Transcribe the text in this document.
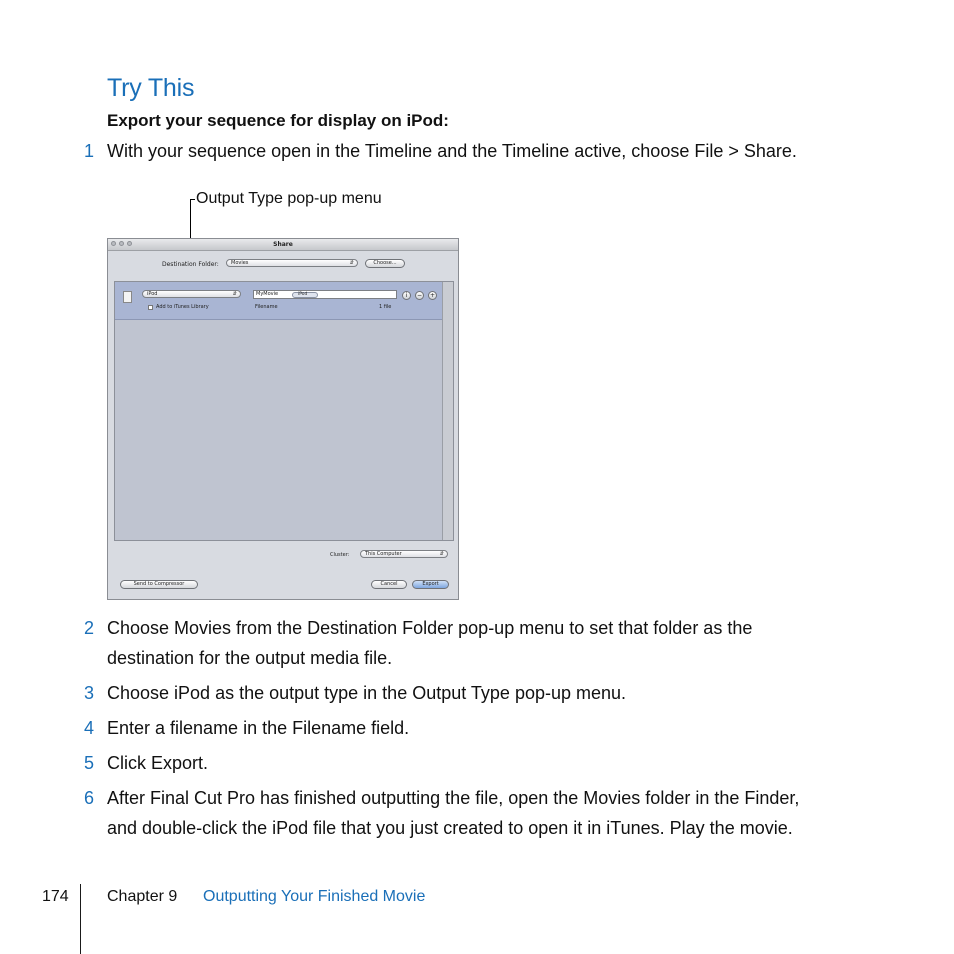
Try This
Export your sequence for display on iPod:
1 With your sequence open in the Timeline and the Timeline active, choose File > Share.
Output Type pop-up menu
Share
Destination Folder:	Movies	⇵	Choose...
iPod	⇵
Add to iTunes Library
MyMovie	iPod
Filename	1 file
i	−	+
Cluster:	This Computer	⇵
Send to Compressor	Cancel	Export
2 Choose Movies from the Destination Folder pop-up menu to set that folder as the
destination for the output media file.
3 Choose iPod as the output type in the Output Type pop-up menu.
4 Enter a filename in the Filename field.
5 Click Export.
6 After Final Cut Pro has finished outputting the file, open the Movies folder in the Finder,
and double-click the iPod file that you just created to open it in iTunes. Play the movie.
174 Chapter 9 Outputting Your Finished Movie
